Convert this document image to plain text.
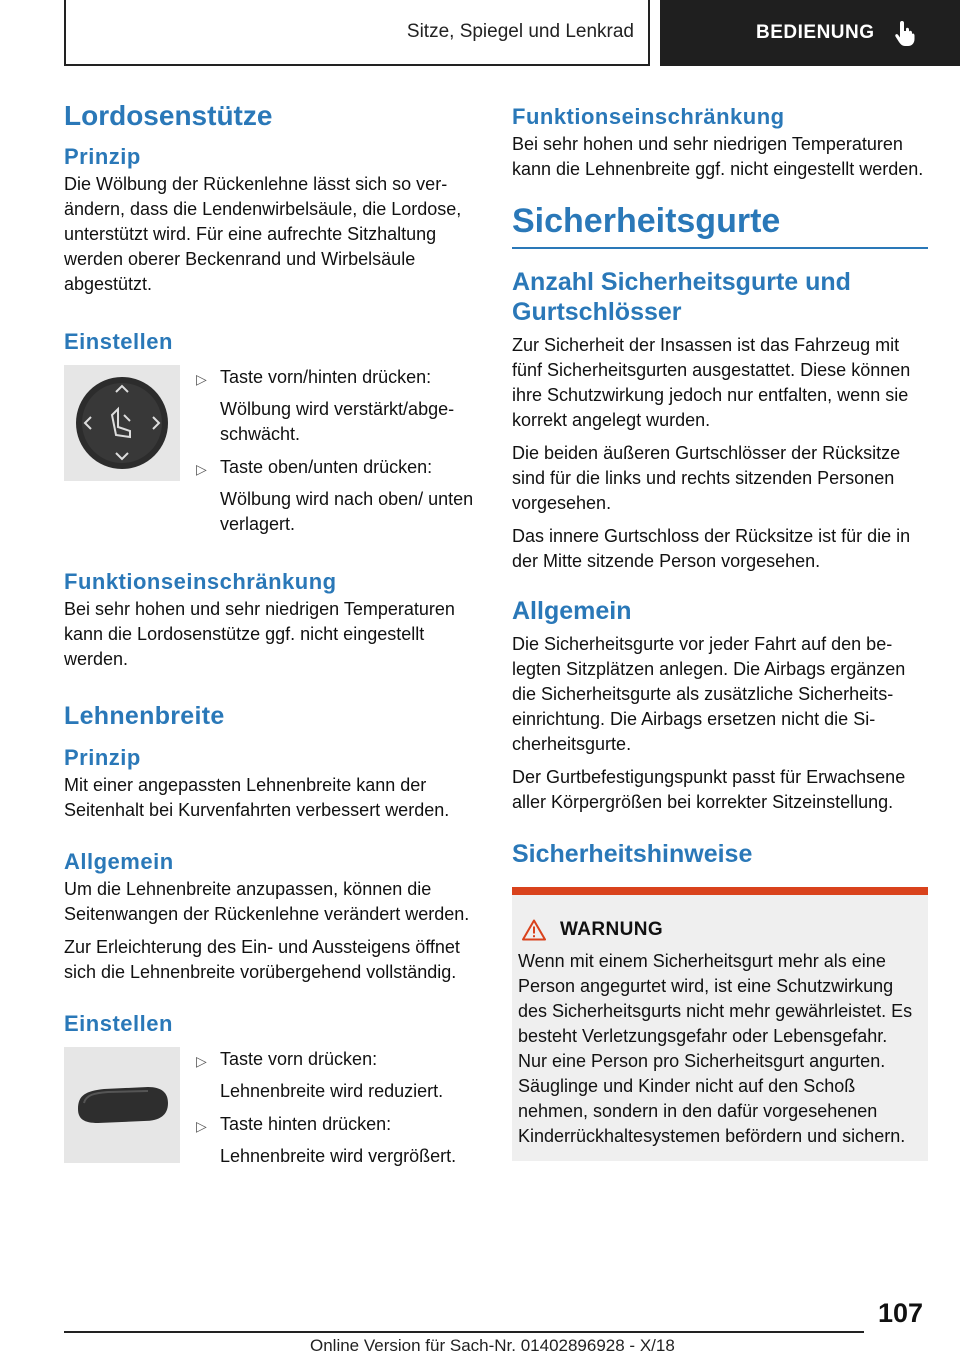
Sitze, Spiegel und Lenkrad	BEDIENUNG
Lordosenstütze
Prinzip

Die Wölbung der Rückenlehne lässt sich so verändern, dass die Lendenwirbelsäule, die Lordose, unterstützt wird. Für eine aufrechte Sitzhaltung werden oberer Beckenrand und Wirbelsäule abgestützt.

Einstellen
▷ Taste vorn/hinten drücken:
Wölbung wird verstärkt/abgeschwächt.
▷ Taste oben/unten drücken:
Wölbung wird nach oben/ unten verlagert.
Funktionseinschränkung

Bei sehr hohen und sehr niedrigen Temperaturen kann die Lordosenstütze ggf. nicht eingestellt werden.

Lehnenbreite
Prinzip

Mit einer angepassten Lehnenbreite kann der Seitenhalt bei Kurvenfahrten verbessert werden.

Allgemein

Um die Lehnenbreite anzupassen, können die Seitenwangen der Rückenlehne verändert werden.

Zur Erleichterung des Ein- und Aussteigens öffnet sich die Lehnenbreite vorübergehend vollständig.

Einstellen
▷ Taste vorn drücken:
Lehnenbreite wird reduziert.
▷ Taste hinten drücken:
Lehnenbreite wird vergrößert.
Funktionseinschränkung

Bei sehr hohen und sehr niedrigen Temperaturen kann die Lehnenbreite ggf. nicht eingestellt werden.

Sicherheitsgurte
Anzahl Sicherheitsgurte und Gurtschlösser

Zur Sicherheit der Insassen ist das Fahrzeug mit fünf Sicherheitsgurten ausgestattet. Diese können ihre Schutzwirkung jedoch nur entfalten, wenn sie korrekt angelegt wurden.

Die beiden äußeren Gurtschlösser der Rücksitze sind für die links und rechts sitzenden Personen vorgesehen.

Das innere Gurtschloss der Rücksitze ist für die in der Mitte sitzende Person vorgesehen.

Allgemein

Die Sicherheitsgurte vor jeder Fahrt auf den belegten Sitzplätzen anlegen. Die Airbags ergänzen die Sicherheitsgurte als zusätzliche Sicherheitseinrichtung. Die Airbags ersetzen nicht die Sicherheitsgurte.

Der Gurtbefestigungspunkt passt für Erwachsene aller Körpergrößen bei korrekter Sitzeinstellung.

Sicherheitshinweise
WARNUNG

Wenn mit einem Sicherheitsgurt mehr als eine Person angegurtet wird, ist eine Schutzwirkung des Sicherheitsgurts nicht mehr gewährleistet. Es besteht Verletzungsgefahr oder Lebensgefahr. Nur eine Person pro Sicherheitsgurt angurten. Säuglinge und Kinder nicht auf den Schoß nehmen, sondern in den dafür vorgesehenen Kinderrückhaltesystemen befördern und sichern.

107
Online Version für Sach-Nr. 01402896928 - X/18
